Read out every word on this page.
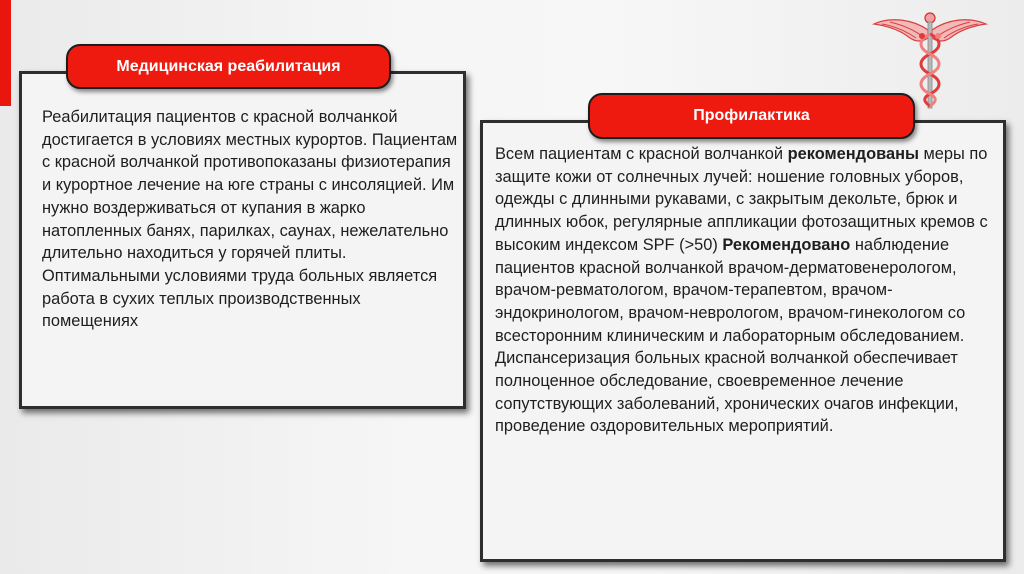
Медицинская реабилитация

Реабилитация пациентов с красной волчанкой достигается в условиях местных курортов. Пациентам с красной волчанкой противопоказаны физиотерапия и курортное лечение на юге страны с инсоляцией. Им нужно воздерживаться от купания в жарко натопленных банях, парилках, саунах, нежелательно длительно находиться у горячей плиты. Оптимальными условиями труда больных является работа в сухих теплых производственных помещениях

Профилактика

Всем пациентам с красной волчанкой рекомендованы меры по защите кожи от солнечных лучей: ношение головных уборов, одежды с длинными рукавами, с закрытым декольте, брюк и длинных юбок, регулярные аппликации фотозащитных кремов с высоким индексом SPF (>50) Рекомендовано наблюдение пациентов красной волчанкой врачом-дерматовенерологом, врачом-ревматологом, врачом-терапевтом, врачом-эндокринологом, врачом-неврологом, врачом-гинекологом со всесторонним клиническим и лабораторным обследованием. Диспансеризация больных красной волчанкой обеспечивает полноценное обследование, своевременное лечение сопутствующих заболеваний, хронических очагов инфекции, проведение оздоровительных мероприятий.
